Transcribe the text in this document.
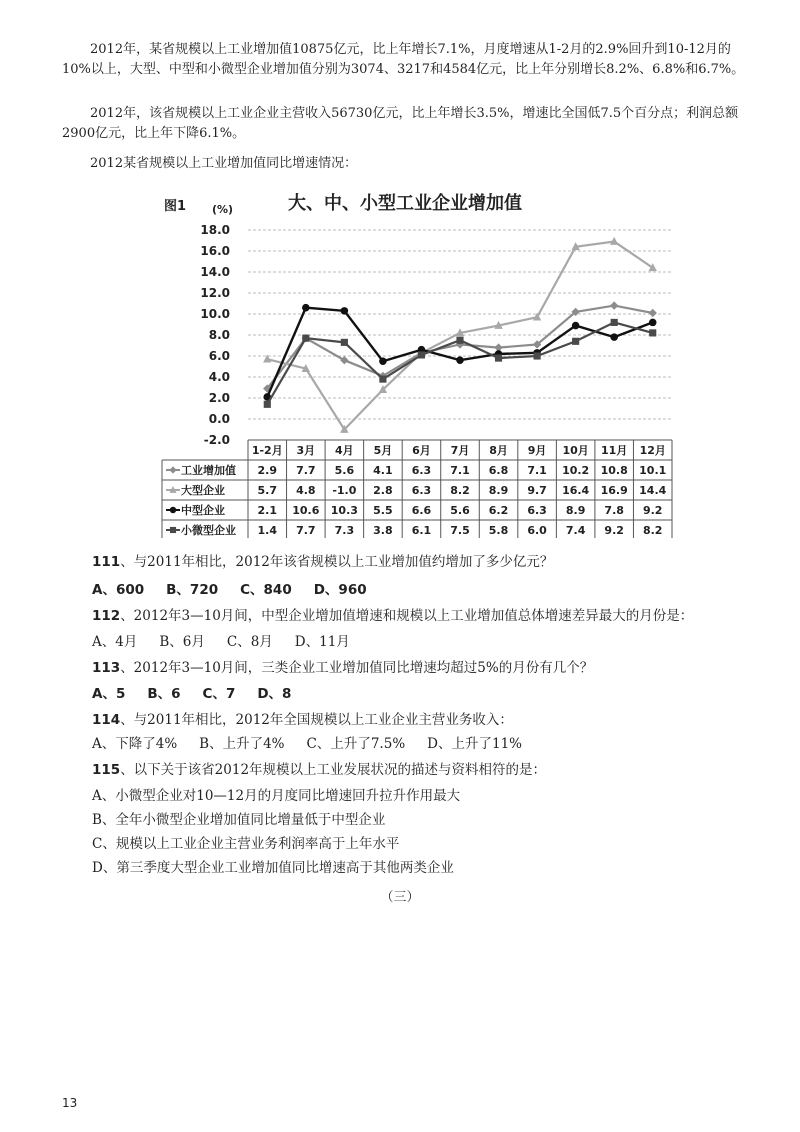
2012年，某省规模以上工业增加值10875亿元，比上年增长7.1%，月度增速从1-2月的2.9%回升到10-12月的10%以上，大型、中型和小微型企业增加值分别为3074、3217和4584亿元，比上年分别增长8.2%、6.8%和6.7%。

2012年，该省规模以上工业企业主营收入56730亿元，比上年增长3.5%，增速比全国低7.5个百分点；利润总额2900亿元，比上年下降6.1%。

2012某省规模以上工业增加值同比增速情况：
图1 (%)	大、中、小型工业企业增加值
18.0
16.0
14.0
12.0
10.0
8.0
6.0
4.0
2.0
0.0
-2.0
1-2月 3月 4月 5月 6月 7月 8月 9月 10月 11月 12月
工业增加值 2.9 7.7 5.6 4.1 6.3 7.1 6.8 7.1 10.2 10.8 10.1
大型企业	5.7 4.8 -1.0 2.8 6.3 8.2 8.9 9.7 16.4 16.9 14.4
中型企业	2.1 10.6 10.3 5.5 6.6 5.6 6.2 6.3 8.9 7.8 9.2
小微型企业 1.4 7.7 7.3 3.8 6.1 7.5 5.8 6.0 7.4 9.2 8.2
111、与2011年相比，2012年该省规模以上工业增加值约增加了多少亿元？
A、600 B、720 C、840 D、960
112、2012年3—10月间，中型企业增加值增速和规模以上工业增加值总体增速差异最大的月份是：
A、4月 B、6月 C、8月 D、11月
113、2012年3—10月间，三类企业工业增加值同比增速均超过5%的月份有几个？
A、5 B、6 C、7 D、8
114、与2011年相比，2012年全国规模以上工业企业主营业务收入：
A、下降了4% B、上升了4% C、上升了7.5% D、上升了11%
115、以下关于该省2012年规模以上工业发展状况的描述与资料相符的是：
A、小微型企业对10—12月的月度同比增速回升拉升作用最大
B、全年小微型企业增加值同比增量低于中型企业
C、规模以上工业企业主营业务利润率高于上年水平
D、第三季度大型企业工业增加值同比增速高于其他两类企业
（三）
13
